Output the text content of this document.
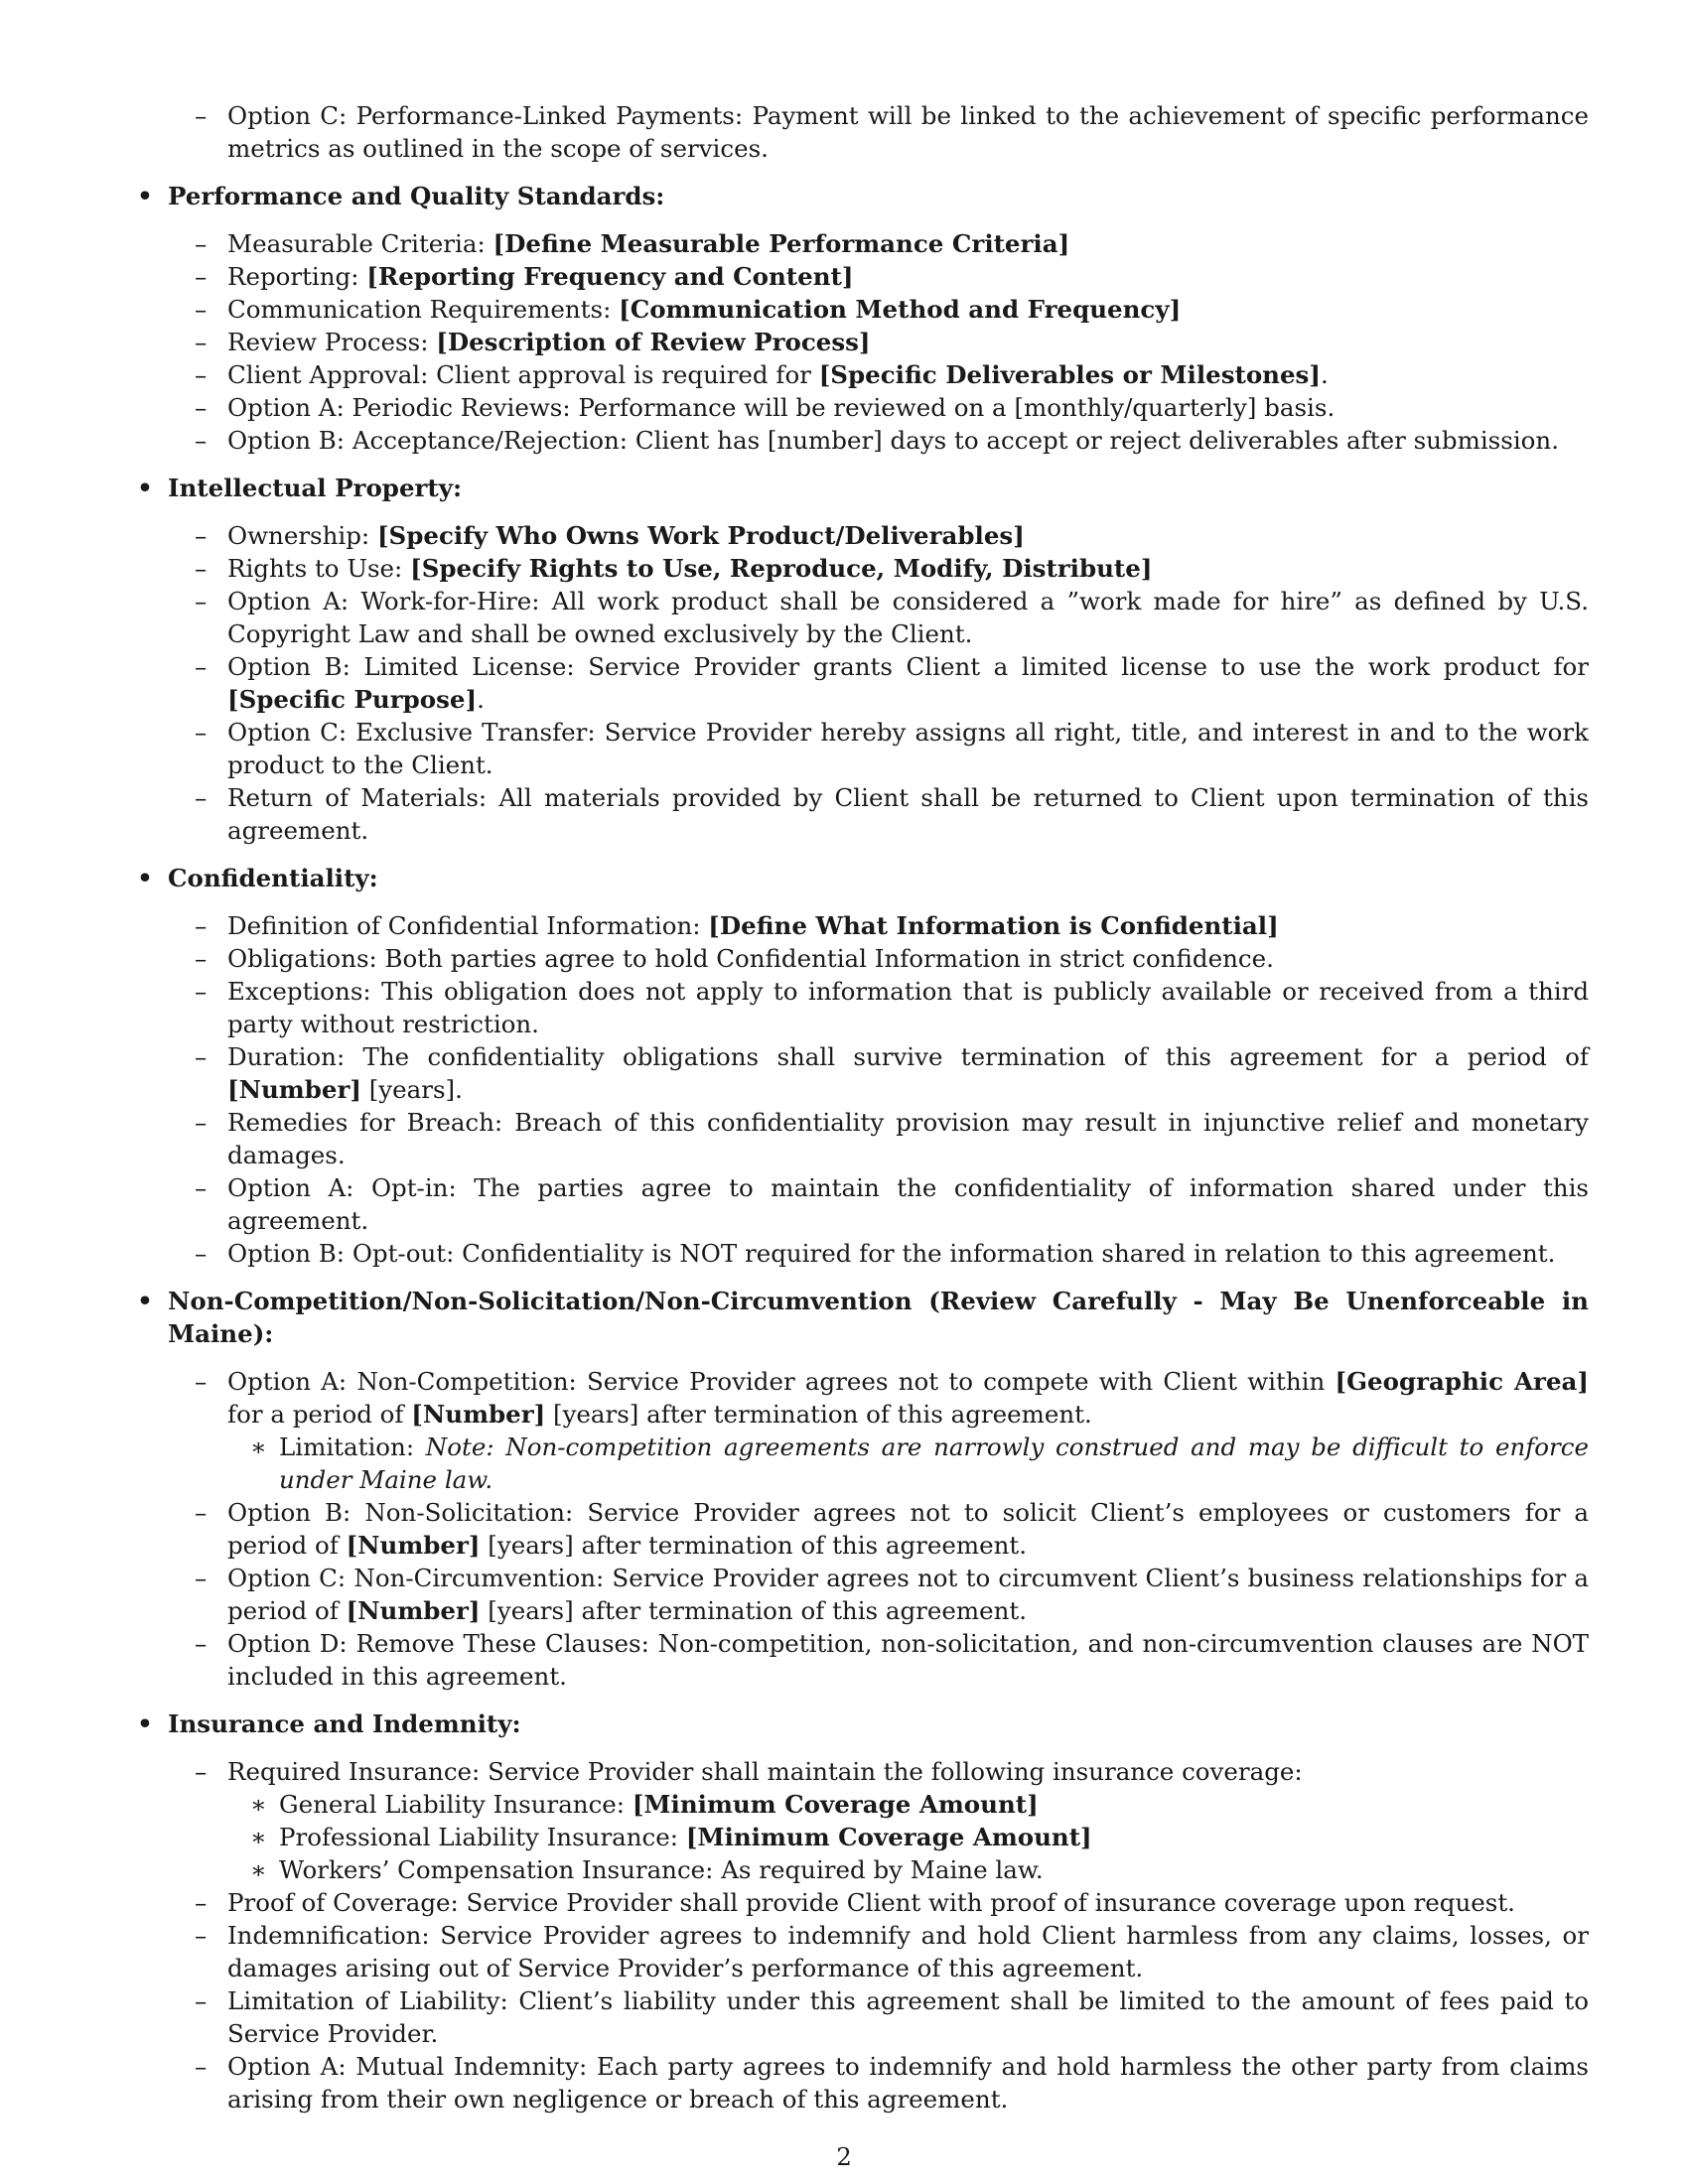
– Option C: Performance-Linked Payments: Payment will be linked to the achievement of specific performance metrics as outlined in the scope of services.
• Performance and Quality Standards:
– Measurable Criteria: [Define Measurable Performance Criteria]
– Reporting: [Reporting Frequency and Content]
– Communication Requirements: [Communication Method and Frequency]
– Review Process: [Description of Review Process]
– Client Approval: Client approval is required for [Specific Deliverables or Milestones].
– Option A: Periodic Reviews: Performance will be reviewed on a [monthly/quarterly] basis.
– Option B: Acceptance/Rejection: Client has [number] days to accept or reject deliverables after submission.
• Intellectual Property:
– Ownership: [Specify Who Owns Work Product/Deliverables]
– Rights to Use: [Specify Rights to Use, Reproduce, Modify, Distribute]
– Option A: Work-for-Hire: All work product shall be considered a ”work made for hire” as defined by U.S. Copyright Law and shall be owned exclusively by the Client.
– Option B: Limited License: Service Provider grants Client a limited license to use the work product for [Specific Purpose].
– Option C: Exclusive Transfer: Service Provider hereby assigns all right, title, and interest in and to the work product to the Client.
– Return of Materials: All materials provided by Client shall be returned to Client upon termination of this agreement.
• Confidentiality:
– Definition of Confidential Information: [Define What Information is Confidential]
– Obligations: Both parties agree to hold Confidential Information in strict confidence.
– Exceptions: This obligation does not apply to information that is publicly available or received from a third party without restriction.
– Duration: The confidentiality obligations shall survive termination of this agreement for a period of [Number] [years].
– Remedies for Breach: Breach of this confidentiality provision may result in injunctive relief and monetary damages.
– Option A: Opt-in: The parties agree to maintain the confidentiality of information shared under this agreement.
– Option B: Opt-out: Confidentiality is NOT required for the information shared in relation to this agreement.
• Non-Competition/Non-Solicitation/Non-Circumvention (Review Carefully - May Be Unenforceable in Maine):
– Option A: Non-Competition: Service Provider agrees not to compete with Client within [Geographic Area] for a period of [Number] [years] after termination of this agreement.
∗ Limitation: Note: Non-competition agreements are narrowly construed and may be difficult to enforce under Maine law.
– Option B: Non-Solicitation: Service Provider agrees not to solicit Client’s employees or customers for a period of [Number] [years] after termination of this agreement.
– Option C: Non-Circumvention: Service Provider agrees not to circumvent Client’s business relationships for a period of [Number] [years] after termination of this agreement.
– Option D: Remove These Clauses: Non-competition, non-solicitation, and non-circumvention clauses are NOT included in this agreement.
• Insurance and Indemnity:
– Required Insurance: Service Provider shall maintain the following insurance coverage:
∗ General Liability Insurance: [Minimum Coverage Amount]
∗ Professional Liability Insurance: [Minimum Coverage Amount]
∗ Workers’ Compensation Insurance: As required by Maine law.
– Proof of Coverage: Service Provider shall provide Client with proof of insurance coverage upon request.
– Indemnification: Service Provider agrees to indemnify and hold Client harmless from any claims, losses, or damages arising out of Service Provider’s performance of this agreement.
– Limitation of Liability: Client’s liability under this agreement shall be limited to the amount of fees paid to Service Provider.
– Option A: Mutual Indemnity: Each party agrees to indemnify and hold harmless the other party from claims arising from their own negligence or breach of this agreement.
2
